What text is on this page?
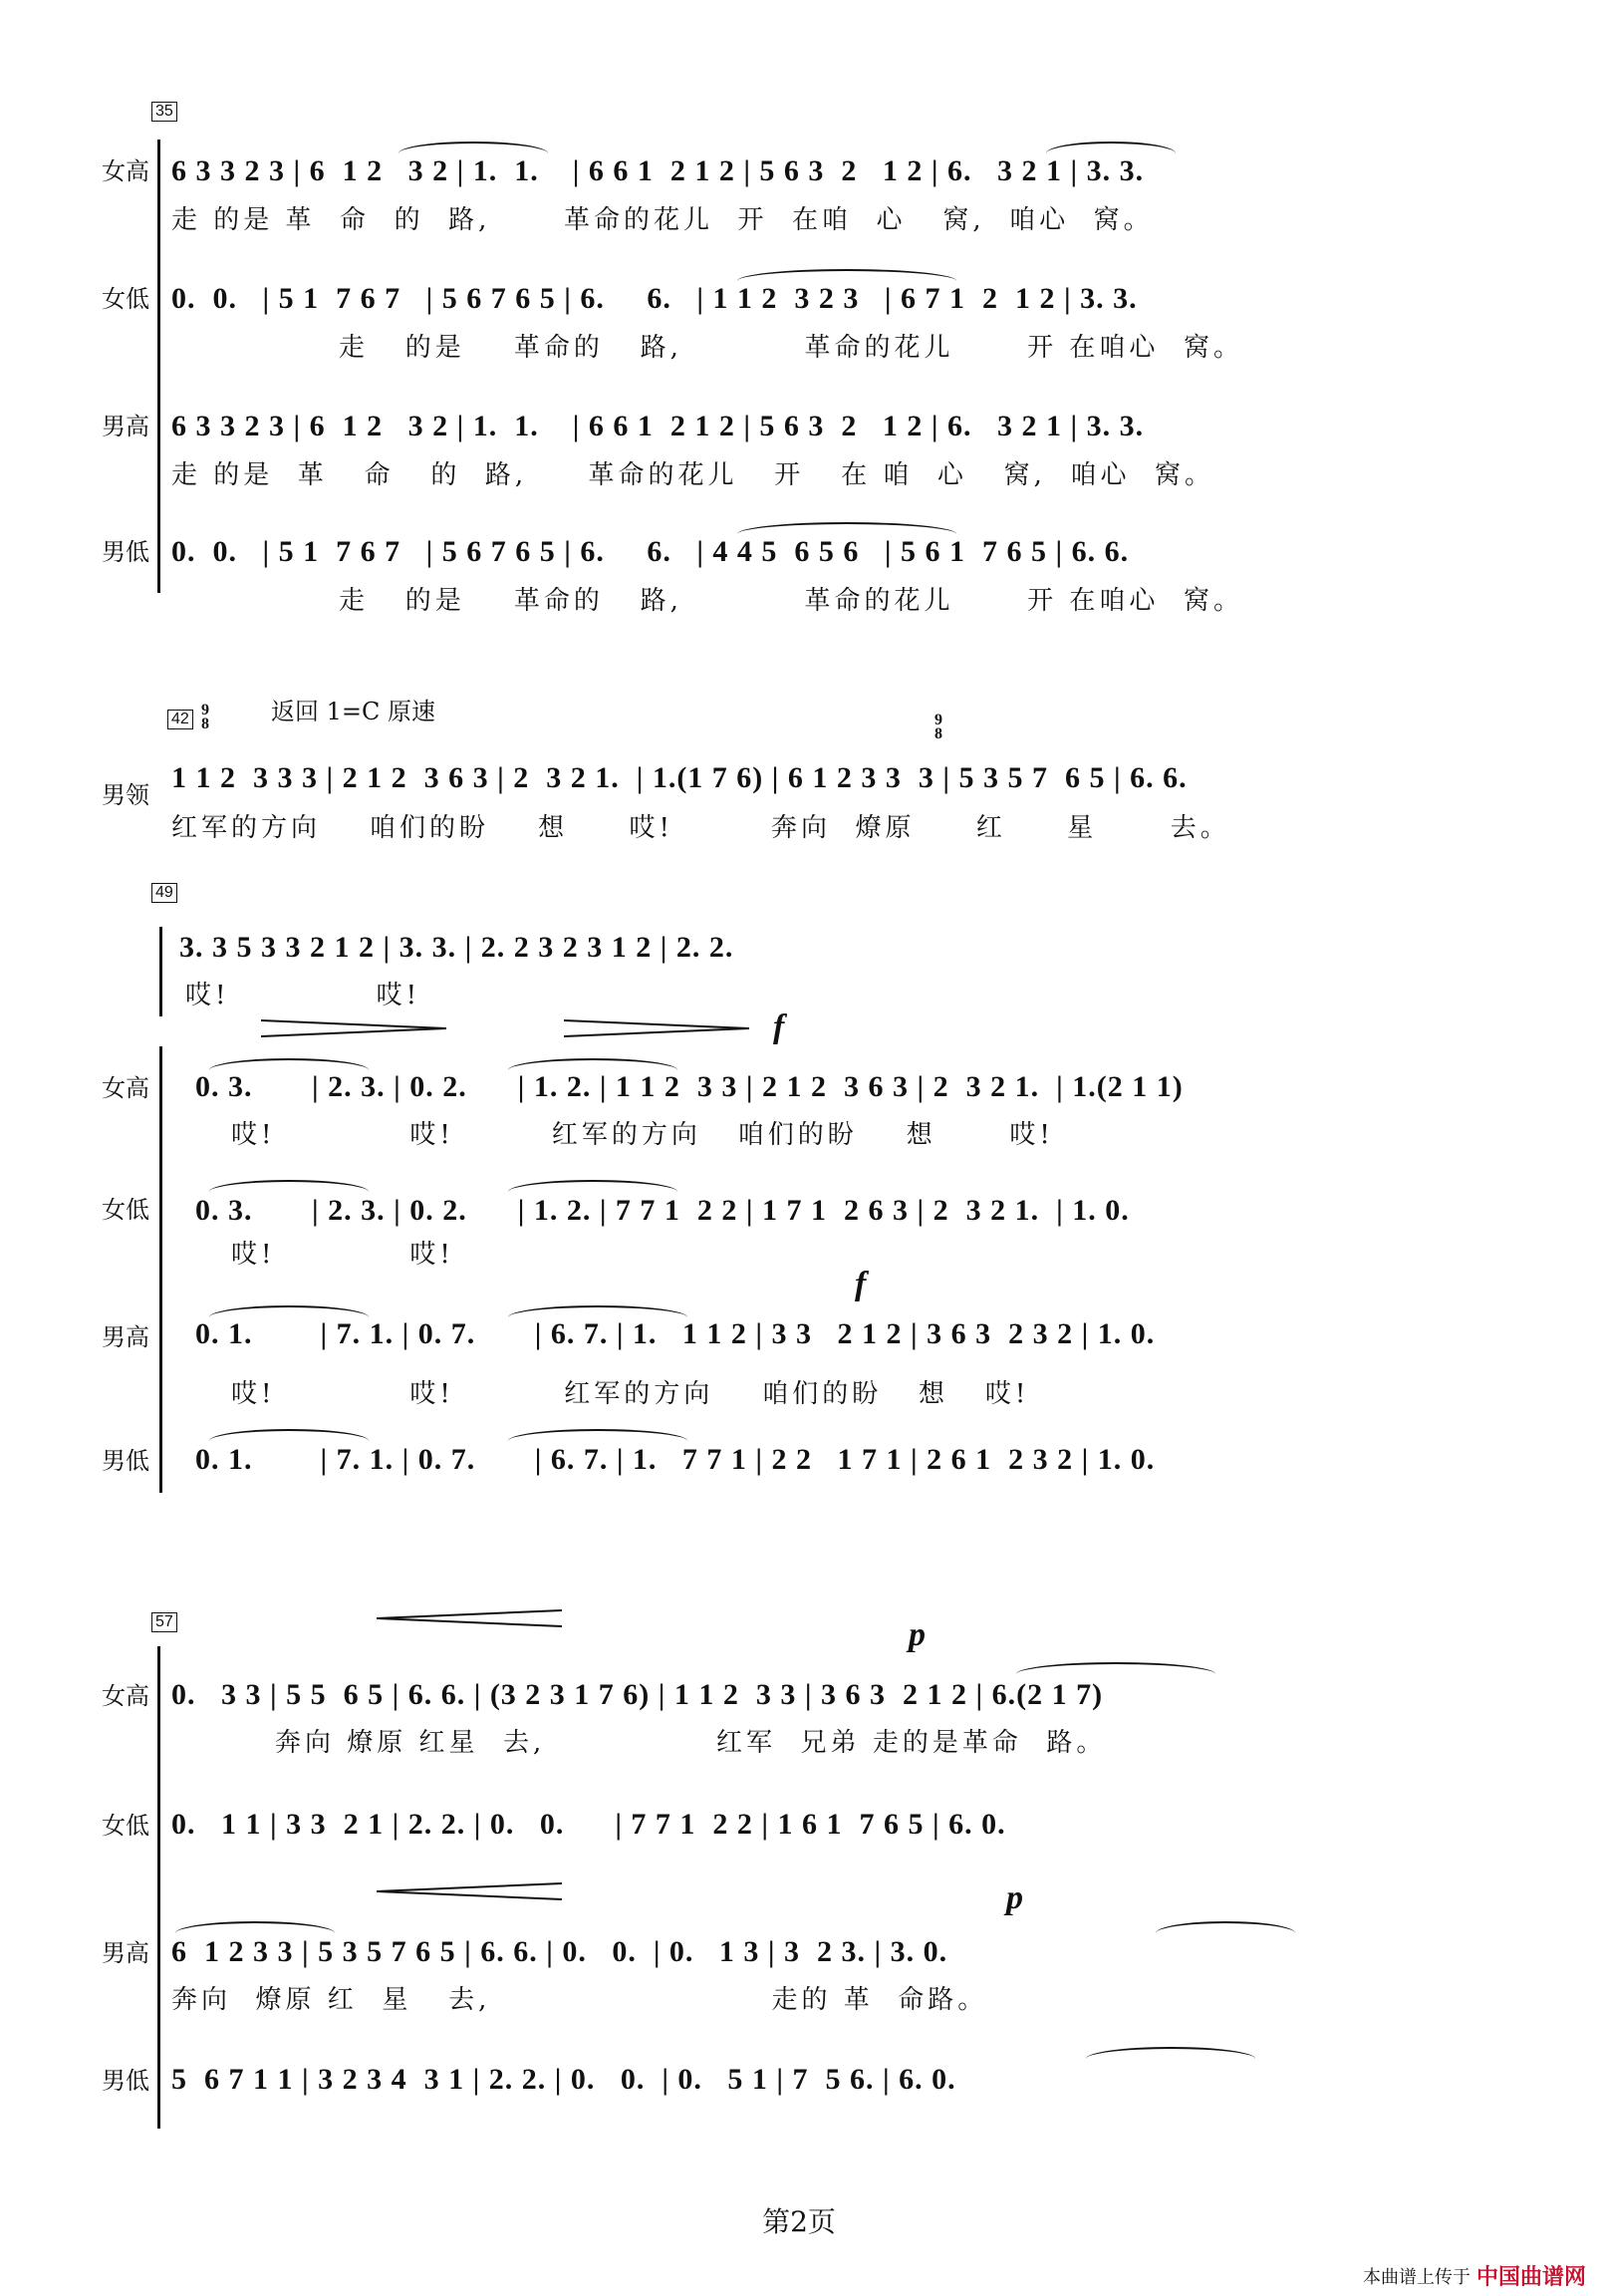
35
女高 6 3 3 2 3 | 6  1 2   3 2 | 1.  1.    | 6 6 1  2 1 2 | 5 6 3  2   1 2 | 6.   3 2 1 | 3. 3.
走 的是 革  命  的  路,      革命的花儿  开  在咱  心   窝,  咱心  窝。
女低 0.  0.   | 5 1  7 6 7   | 5 6 7 6 5 | 6.     6.   | 1 1 2  3 2 3   | 6 7 1  2  1 2 | 3. 3.
走   的是    革命的   路,          革命的花儿      开 在咱心  窝。
男高 6 3 3 2 3 | 6  1 2   3 2 | 1.  1.    | 6 6 1  2 1 2 | 5 6 3  2   1 2 | 6.   3 2 1 | 3. 3.
走 的是  革   命   的  路,     革命的花儿   开   在 咱  心   窝,  咱心  窝。
男低 0.  0.   | 5 1  7 6 7   | 5 6 7 6 5 | 6.     6.   | 4 4 5  6 5 6   | 5 6 1  7 6 5 | 6. 6.
走   的是    革命的   路,          革命的花儿      开 在咱心  窝。
42
9
8	返回 1=C 原速	9
8
男领
1 1 2  3 3 3 | 2 1 2  3 6 3 | 2  3 2 1.  | 1.(1 7 6) | 6 1 2 3 3  3 | 5 3 5 7  6 5 | 6. 6.
红军的方向    咱们的盼    想     哎!        奔向  燎原     红     星      去。
49
3. 3 5 3 3 2 1 2 | 3. 3. | 2. 2 3 2 3 1 2 | 2. 2.
哎!            哎!
f
f
女高 0. 3.       | 2. 3. | 0. 2.      | 1. 2. | 1 1 2  3 3 | 2 1 2  3 6 3 | 2  3 2 1.  | 1.(2 1 1)
哎!           哎!        红军的方向   咱们的盼    想      哎!
女低 0. 3.       | 2. 3. | 0. 2.      | 1. 2. | 7 7 1  2 2 | 1 7 1  2 6 3 | 2  3 2 1.  | 1. 0.
哎!           哎!
男高 0. 1.        | 7. 1. | 0. 7.       | 6. 7. | 1.   1 1 2 | 3 3   2 1 2 | 3 6 3  2 3 2 | 1. 0.
哎!           哎!         红军的方向    咱们的盼   想   哎!
男低 0. 1.        | 7. 1. | 0. 7.       | 6. 7. | 1.   7 7 1 | 2 2   1 7 1 | 2 6 1  2 3 2 | 1. 0.
57	p
p
女高 0.   3 3 | 5 5  6 5 | 6. 6. | (3 2 3 1 7 6) | 1 1 2  3 3 | 3 6 3  2 1 2 | 6.(2 1 7)
奔向 燎原 红星  去,              红军  兄弟 走的是革命  路。
女低 0.   1 1 | 3 3  2 1 | 2. 2. | 0.   0.      | 7 7 1  2 2 | 1 6 1  7 6 5 | 6. 0.
男高 6  1 2 3 3 | 5 3 5 7 6 5 | 6. 6. | 0.   0.  | 0.   1 3 | 3  2 3. | 3. 0.
奔向  燎原 红  星   去,                       走的 革  命路。
男低 5  6 7 1 1 | 3 2 3 4  3 1 | 2. 2. | 0.   0.  | 0.   5 1 | 7  5 6. | 6. 0.
第2页
本曲谱上传于 中国曲谱网
